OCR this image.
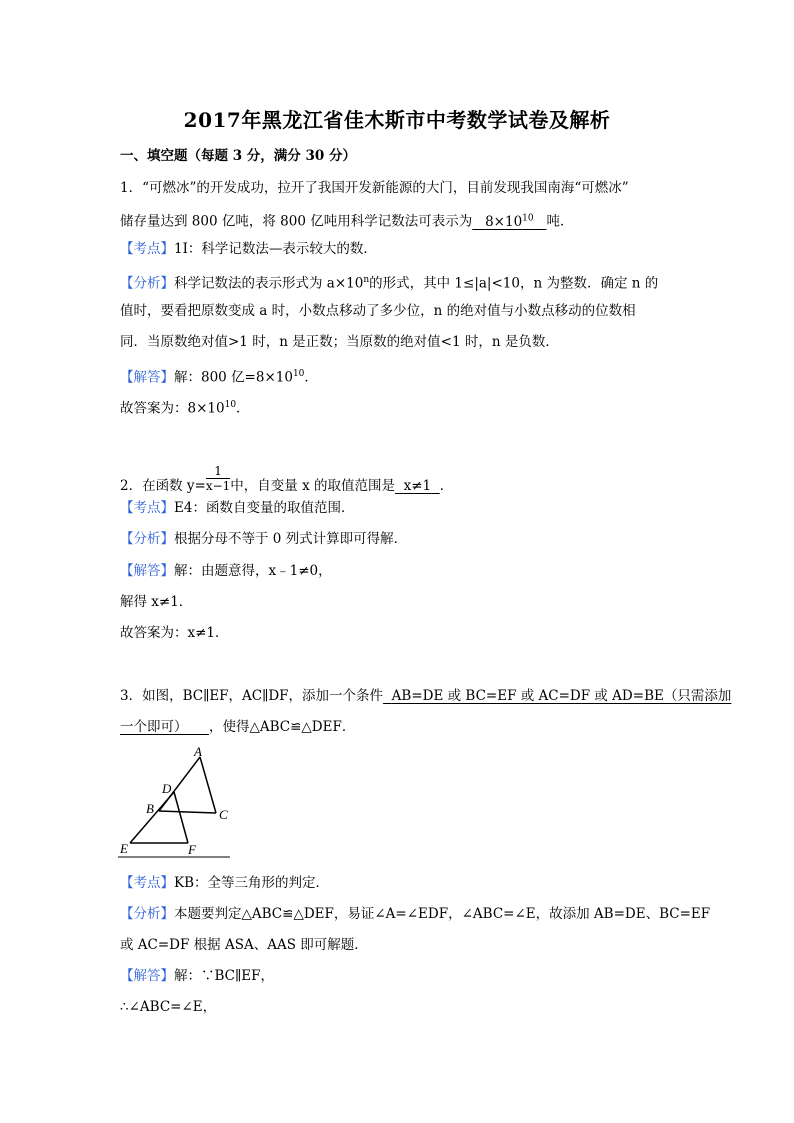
2017年黑龙江省佳木斯市中考数学试卷及解析
一、填空题（每题 3 分，满分 30 分）
1．“可燃冰”的开发成功，拉开了我国开发新能源的大门，目前发现我国南海“可燃冰”
储存量达到 800 亿吨，将 800 亿吨用科学记数法可表示为 $8\times 10^{10}$ 吨．
【考点】1I：科学记数法—表示较大的数．
【分析】科学记数法的表示形式为 $a\times 10^n$的形式，其中 1≤|a|<10，n 为整数．确定 n 的
值时，要看把原数变成 a 时，小数点移动了多少位，n 的绝对值与小数点移动的位数相
同．当原数绝对值>1 时，n 是正数；当原数的绝对值<1 时，n 是负数．
【解答】解：800 亿$=8\times 10^{10}$．
故答案为：$8\times 10^{10}$．
2．在函数 $y= \frac{1}{x-1}$ 中，自变量 x 的取值范围是 x≠1 ．
【考点】E4：函数自变量的取值范围．
【分析】根据分母不等于 0 列式计算即可得解．
【解答】解：由题意得，x﹣1≠0，
解得 x≠1．
故答案为：x≠1．
3．如图，BC∥EF，AC∥DF，添加一个条件 AB=DE 或 BC=EF 或 AC=DF 或 AD=BE（只需添加
一个即可） ，使得△ABC≌△DEF．
A
D
B	C
E	F
【考点】KB：全等三角形的判定．
【分析】本题要判定△ABC≌△DEF，易证∠A=∠EDF，∠ABC=∠E，故添加 AB=DE、BC=EF
或 AC=DF 根据 ASA、AAS 即可解题．
【解答】解：∵BC∥EF，
∴∠ABC=∠E，
